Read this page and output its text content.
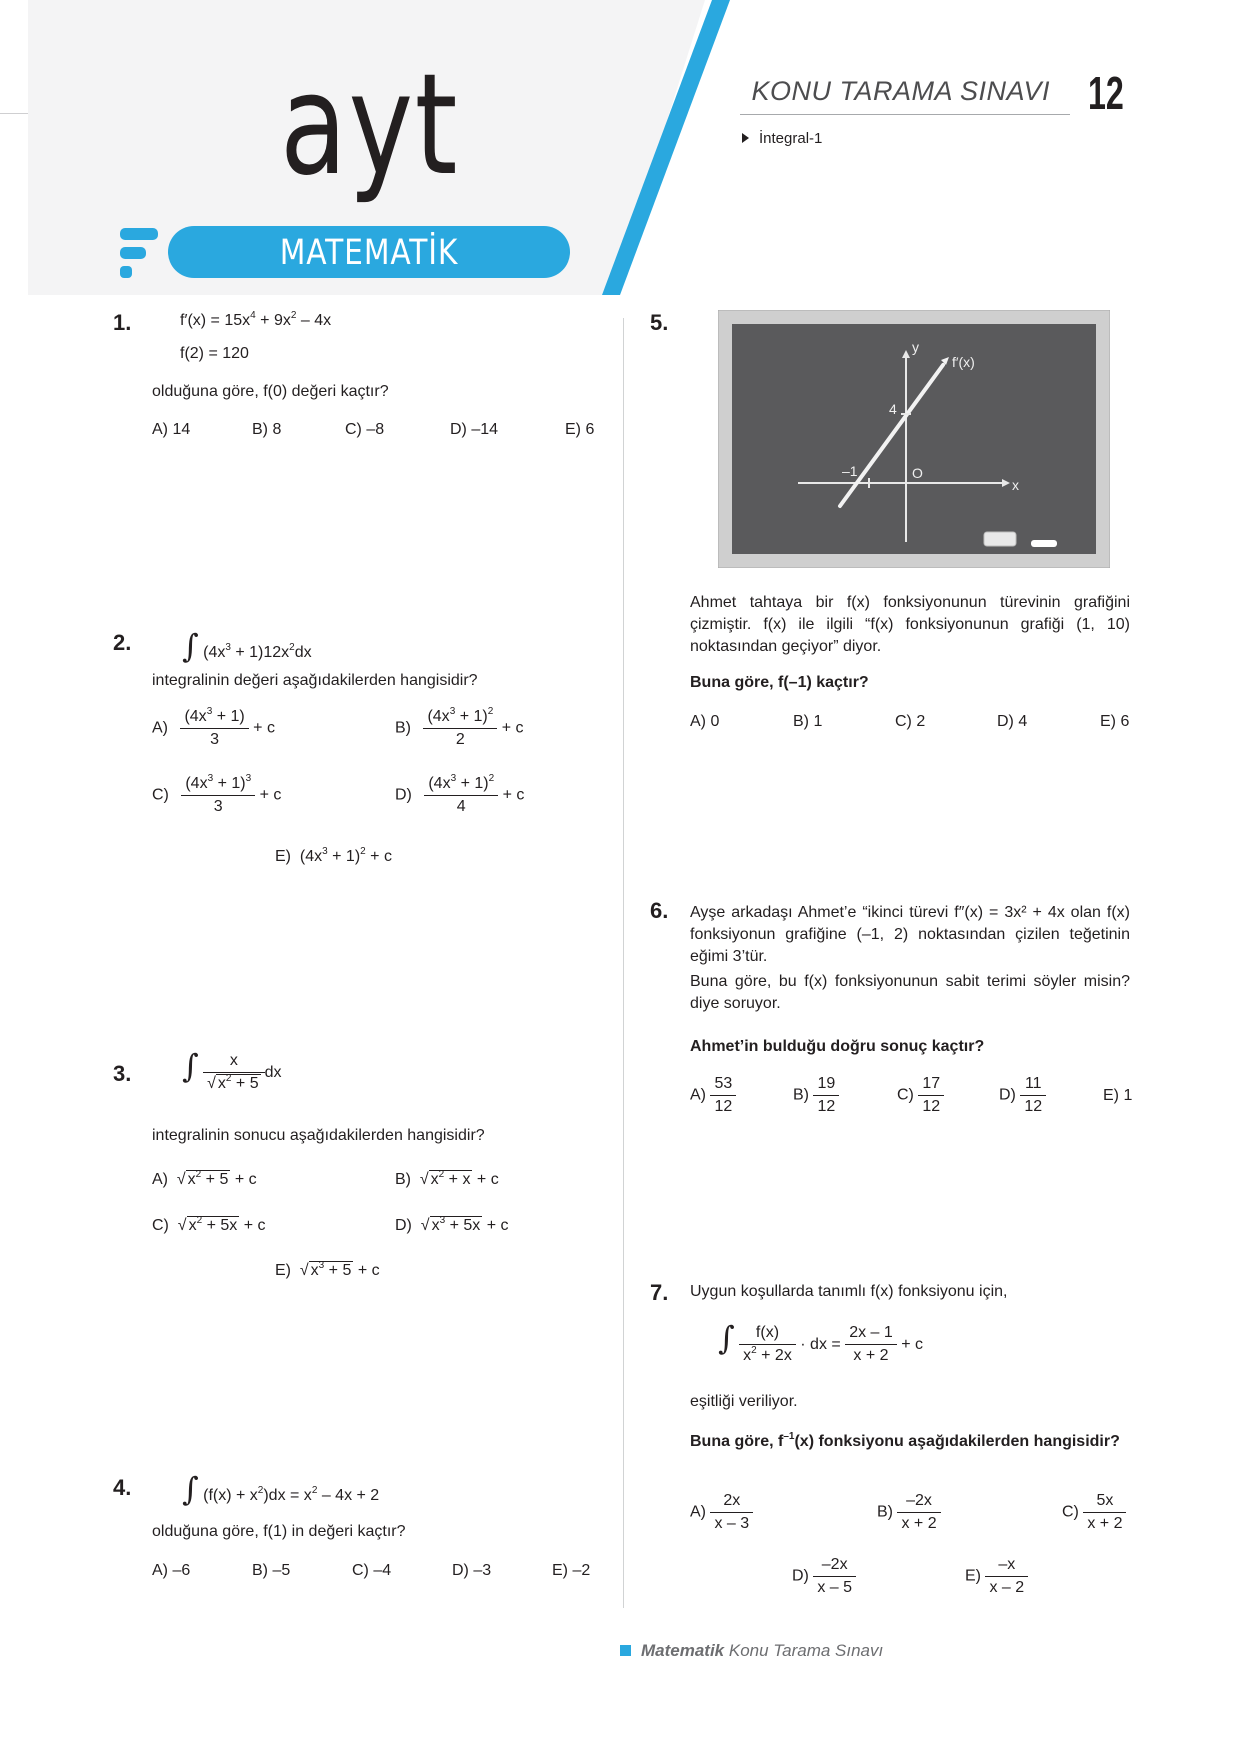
ayt
MATEMATİK
KONU TARAMA SINAVI 12
İntegral-1
1.	$f'(x) = 15x^4 + 9x^2 - 4x$
f(2) = 120
olduğuna göre, f(0) değeri kaçtır?
A) 14	B) 8	C) –8	D) –14	E) 6
2. ∫ $(4x^3 + 1)12x^2dx$
integralinin değeri aşağıdakilerden hangisidir?
$A) \frac{(4x^3 + 1)}{3} + c$	$B) \frac{(4x^3 + 1)^2}{2} + c$
$C) \frac{(4x^3 + 1)^3}{3} + c$	$D) \frac{(4x^3 + 1)^2}{4} + c$
E)  $(4x^3 + 1)^2 + c$
3. ∫ $\frac{x}{√ x^2 + 5}$ dx
integralinin sonucu aşağıdakilerden hangisidir?
A)  √ $x^2 + 5 + c$	B)  √ $x^2 + x + c$
C)  √ $x^2 + 5x + c$	D)  √ $x^3 + 5x + c$
E)  √ $x^3 + 5 + c$
4. ∫ $(f(x) + x^2)dx = x^2 - 4x + 2$
olduğuna göre, f(1) in değeri kaçtır?
A) –6	B) –5	C) –4	D) –3	E) –2
5.
y
x
O
4
–1
f′(x)
Ahmet tahtaya bir f(x) fonksiyonunun türevinin grafiğini çizmiştir. f(x) ile ilgili “f(x) fonksiyonunun grafiği (1, 10) noktasından geçiyor” diyor.
Buna göre, f(–1) kaçtır?
A) 0	B) 1	C) 2	D) 4	E) 6
6. Ayşe arkadaşı Ahmet’e “ikinci türevi f″(x) = 3x² + 4x olan f(x) fonksiyonun grafiğine (–1, 2) noktasından çizilen teğetinin eğimi 3’tür.
Buna göre, bu f(x) fonksiyonunun sabit terimi söyler misin? diye soruyor.
Ahmet’in bulduğu doğru sonuç kaçtır?
$A) \frac{53}{12}$	$B) \frac{19}{12}$	$C) \frac{17}{12}$	$D) \frac{11}{12}$	E) 1
7. Uygun koşullarda tanımlı f(x) fonksiyonu için,
∫ $\frac{f(x)}{x^2 + 2x}$ · dx = $\frac{2x - 1}{x + 2} + c$
eşitliği veriliyor.
Buna göre, $f^{-1}(x)$ fonksiyonu aşağıdakilerden hangisidir?
$A) \frac{2x}{x - 3}$	$B) \frac{-2x}{x + 2}$	$C) \frac{5x}{x + 2}$
$D) \frac{-2x}{x - 5}$	$E) \frac{-x}{x - 2}$
Matematik Konu Tarama Sınavı
